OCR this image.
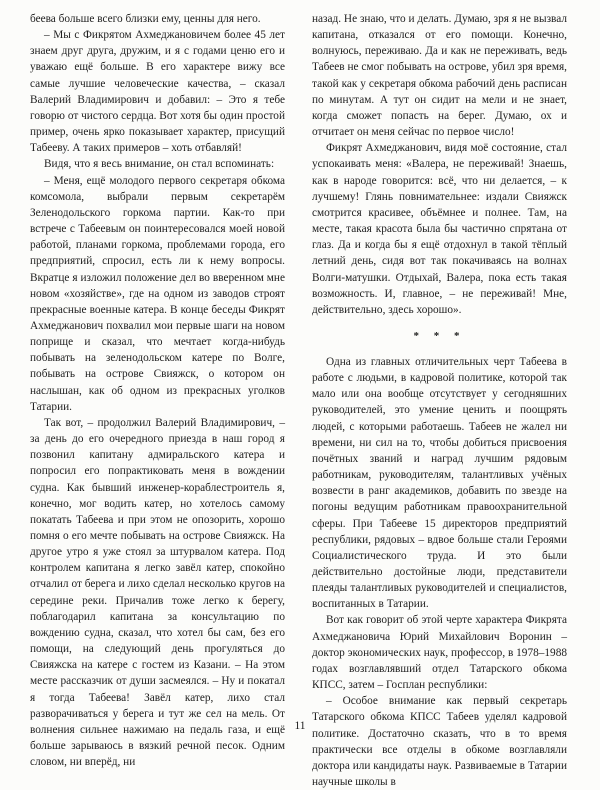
беева больше всего близки ему, ценны для него.

– Мы с Фикрятом Ахмеджановичем более 45 лет знаем друг друга, дружим, и я с годами ценю его и уважаю ещё больше. В его характере вижу все самые лучшие человеческие качества, – сказал Валерий Владимирович и добавил: – Это я тебе говорю от чистого сердца. Вот хотя бы один простой пример, очень ярко показывает характер, присущий Табееву. А таких примеров – хоть отбавляй!

Видя, что я весь внимание, он стал вспоминать:

– Меня, ещё молодого первого секретаря обкома комсомола, выбрали первым секретарём Зеленодольского горкома партии. Как-то при встрече с Табеевым он поинтересовался моей новой работой, планами горкома, проблемами города, его предприятий, спросил, есть ли к нему вопросы. Вкратце я изложил положение дел во вверенном мне новом «хозяйстве», где на одном из заводов строят прекрасные военные катера. В конце беседы Фикрят Ахмеджанович похвалил мои первые шаги на новом поприще и сказал, что мечтает когда-нибудь побывать на зеленодольском катере по Волге, побывать на острове Свияжск, о котором он наслышан, как об одном из прекрасных уголков Татарии.

Так вот, – продолжил Валерий Владимирович, – за день до его очередного приезда в наш город я позвонил капитану адмиральского катера и попросил его попрактиковать меня в вождении судна. Как бывший инженер-кораблестроитель я, конечно, мог водить катер, но хотелось самому покатать Табеева и при этом не опозорить, хорошо помня о его мечте побывать на острове Свияжск. На другое утро я уже стоял за штурвалом катера. Под контролем капитана я легко завёл катер, спокойно отчалил от берега и лихо сделал несколько кругов на середине реки. Причалив тоже легко к берегу, поблагодарил капитана за консультацию по вождению судна, сказал, что хотел бы сам, без его помощи, на следующий день прогуляться до Свияжска на катере с гостем из Казани. – На этом месте рассказчик от души засмеялся. – Ну и покатал я тогда Табеева! Завёл катер, лихо стал разворачиваться у берега и тут же сел на мель. От волнения сильнее нажимаю на педаль газа, и ещё больше зарываюсь в вязкий речной песок. Одним словом, ни вперёд, ни

назад. Не знаю, что и делать. Думаю, зря я не вызвал капитана, отказался от его помощи. Конечно, волнуюсь, переживаю. Да и как не переживать, ведь Табеев не смог побывать на острове, убил зря время, такой как у секретаря обкома рабочий день расписан по минутам. А тут он сидит на мели и не знает, когда сможет попасть на берег. Думаю, ох и отчитает он меня сейчас по первое число!

Фикрят Ахмеджанович, видя моё состояние, стал успокаивать меня: «Валера, не переживай! Знаешь, как в народе говорится: всё, что ни делается, – к лучшему! Глянь повнимательнее: издали Свияжск смотрится красивее, объёмнее и полнее. Там, на месте, такая красота была бы частично спрятана от глаз. Да и когда бы я ещё отдохнул в такой тёплый летний день, сидя вот так покачиваясь на волнах Волги-матушки. Отдыхай, Валера, пока есть такая возможность. И, главное, – не переживай! Мне, действительно, здесь хорошо».

* * *

Одна из главных отличительных черт Табеева в работе с людьми, в кадровой политике, которой так мало или она вообще отсутствует у сегодняшних руководителей, это умение ценить и поощрять людей, с которыми работаешь. Табеев не жалел ни времени, ни сил на то, чтобы добиться присвоения почётных званий и наград лучшим рядовым работникам, руководителям, талантливых учёных возвести в ранг академиков, добавить по звезде на погоны ведущим работникам правоохранительной сферы. При Табееве 15 директоров предприятий республики, рядовых – вдвое больше стали Героями Социалистического труда. И это были действительно достойные люди, представители плеяды талантливых руководителей и специалистов, воспитанных в Татарии.

Вот как говорит об этой черте характера Фикрята Ахмеджановича Юрий Михайлович Воронин – доктор экономических наук, профессор, в 1978–1988 годах возглавлявший отдел Татарского обкома КПСС, затем – Госплан республики:

– Особое внимание как первый секретарь Татарского обкома КПСС Табеев уделял кадровой политике. Достаточно сказать, что в то время практически все отделы в обкоме возглавляли доктора или кандидаты наук. Развиваемые в Татарии научные школы в

11
